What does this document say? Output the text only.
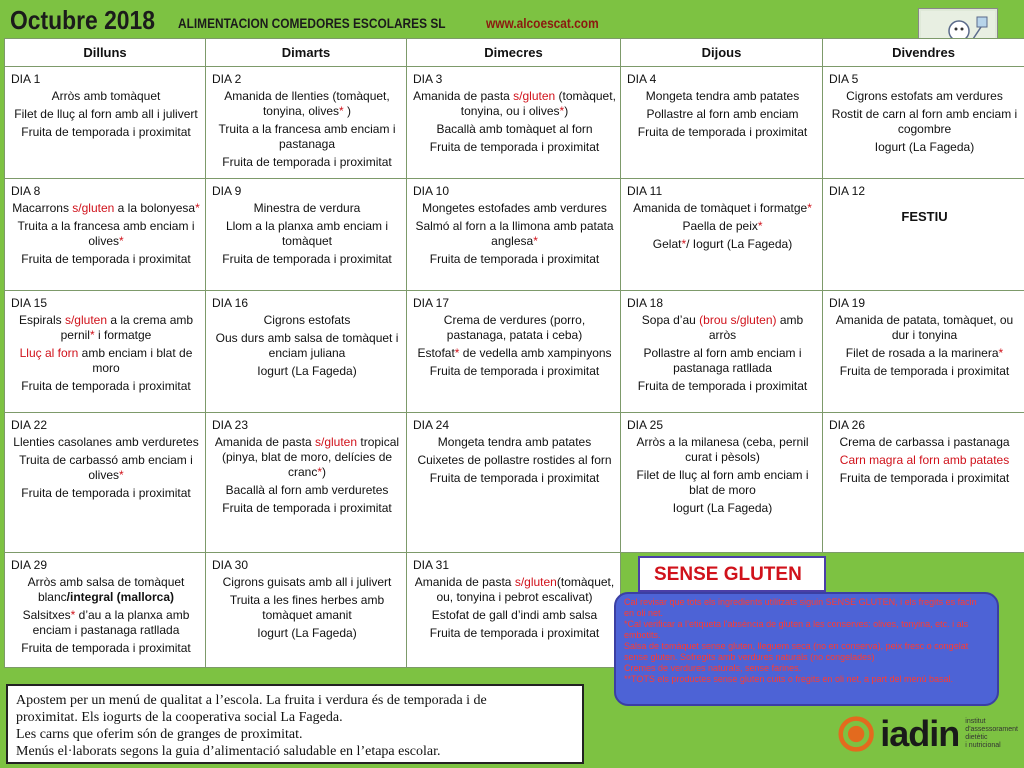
Octubre 2018 ALIMENTACION COMEDORES ESCOLARES SL	www.alcoescat.com
Dilluns	Dimarts	Dimecres	Dijous	Divendres

DIA 1
Arròs amb tomàquet
Filet de lluç al forn amb all i julivert
Fruita de temporada i proximitat	DIA 2
Amanida de llenties (tomàquet, tonyina, olives* )
Truita a la francesa amb enciam i pastanaga
Fruita de temporada i proximitat	DIA 3
Amanida de pasta s/gluten (tomàquet, tonyina, ou i olives*)
Bacallà amb tomàquet al forn
Fruita de temporada i proximitat	DIA 4
Mongeta tendra amb patates
Pollastre al forn amb enciam
Fruita de temporada i proximitat	DIA 5
Cigrons estofats am verdures
Rostit de carn al forn amb enciam i cogombre
Iogurt (La Fageda)

DIA 8
Macarrons s/gluten a la bolonyesa*
Truita a la francesa amb enciam i olives*
Fruita de temporada i proximitat	DIA 9
Minestra de verdura
Llom a la planxa amb enciam i tomàquet
Fruita de temporada i proximitat	DIA 10
Mongetes estofades amb verdures
Salmó al forn a la llimona amb patata anglesa*
Fruita de temporada i proximitat	DIA 11
Amanida de tomàquet i formatge*
Paella de peix*
Gelat*/ Iogurt (La Fageda)	DIA 12
FESTIU

DIA 15
Espirals s/gluten a la crema amb pernil* i formatge
Lluç al forn amb enciam i blat de moro
Fruita de temporada i proximitat	DIA 16
Cigrons estofats
Ous durs amb salsa de tomàquet i enciam juliana
Iogurt (La Fageda)	DIA 17
Crema de verdures (porro, pastanaga, patata i ceba)
Estofat* de vedella amb xampinyons
Fruita de temporada i proximitat	DIA 18
Sopa d’au (brou s/gluten) amb arròs
Pollastre al forn amb enciam i pastanaga ratllada
Fruita de temporada i proximitat	DIA 19
Amanida de patata, tomàquet, ou dur i tonyina
Filet de rosada a la marinera*
Fruita de temporada i proximitat

DIA 22
Llenties casolanes amb verduretes
Truita de carbassó amb enciam i olives*
Fruita de temporada i proximitat	DIA 23
Amanida de pasta s/gluten tropical (pinya, blat de moro, delícies de cranc*)
Bacallà al forn amb verduretes
Fruita de temporada i proximitat	DIA 24
Mongeta tendra amb patates
Cuixetes de pollastre rostides al forn
Fruita de temporada i proximitat	DIA 25
Arròs a la milanesa (ceba, pernil curat i pèsols)
Filet de lluç al forn amb enciam i blat de moro
Iogurt (La Fageda)	DIA 26
Crema de carbassa i pastanaga
Carn magra al forn amb patates
Fruita de temporada i proximitat

DIA 29
Arròs amb salsa de tomàquet blanc/integral (mallorca)
Salsitxes* d’au a la planxa amb enciam i pastanaga ratllada
Fruita de temporada i proximitat	DIA 30
Cigrons guisats amb all i julivert
Truita a les fines herbes amb tomàquet amanit
Iogurt (La Fageda)	DIA 31
Amanida de pasta s/gluten(tomàquet, ou, tonyina i pebrot escalivat)
Estofat de gall d’indi amb salsa
Fruita de temporada i proximitat		

SENSE GLUTEN
Cal revisar que tots els ingredients utilitzats siguin SENSE GLUTEN, i els fregits es facin en oli net.
*Cal verificar a l’etiqueta l’absència de gluten a les conserves: olives, tonyina, etc. i als embotits.
Salsa de tomàquet sense gluten, lleguem seca (no en conserva), peix fresc o congelat sense gluten. Sofregits amb verdures naturals (no congelades)
Cremes de verdures naturals, sense farines.
**TOTS els productes sense gluten cuits o fregits en oli net, a part del menú basal.
Apostem per un menú de qualitat a l’escola. La fruita i verdura és de temporada i de
proximitat. Els iogurts de la cooperativa social La Fageda.
Les carns que oferim són de granges de proximitat.
Menús el·laborats segons la guia d’alimentació saludable en l’etapa escolar.	iadin institut
d'assessorament
dietètic
i nutricional
